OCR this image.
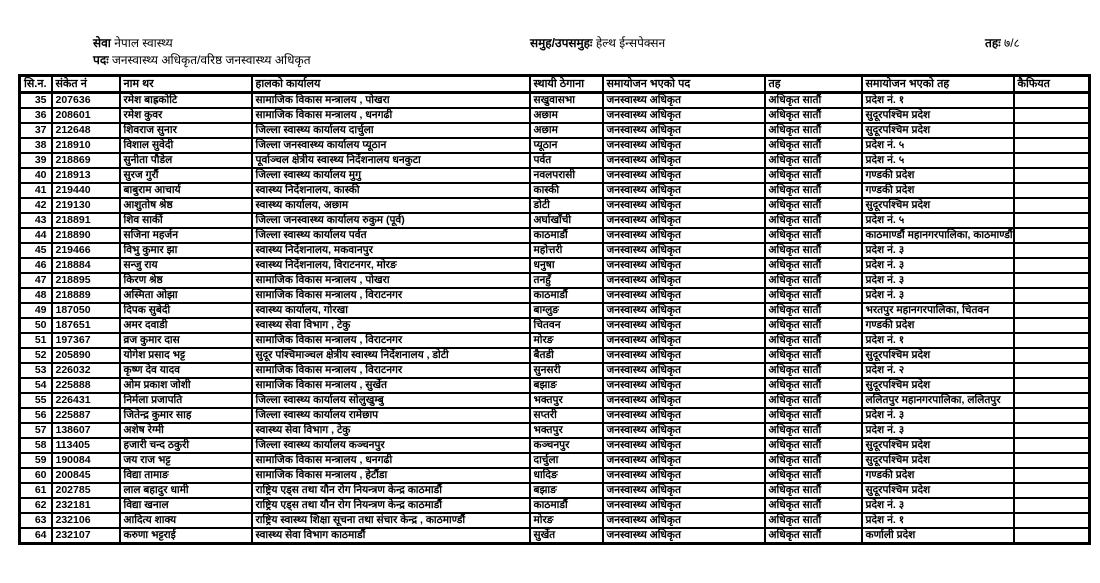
सेवा नेपाल स्वास्थ्य	समुह/उपसमुहः हेल्थ ईन्सपेक्सन	तहः ७/८
पदः जनस्वास्थ्य अधिकृत/वरिष्ठ जनस्वास्थ्य अधिकृत
सि.न.	संकेत नं	नाम थर	हालको कार्यालय	स्थायी ठेगाना	समायोजन भएको पद	तह	समायोजन भएको तह	कैफियत
35	207636	रमेश बाह्रकोटि	सामाजिक विकास मन्त्रालय , पोखरा	सखुवासभा	जनस्वास्थ्य अधिकृत	अधिकृत सातौं	प्रदेश नं. १	
36	208601	रमेश कुवर	सामाजिक विकास मन्त्रालय , धनगढी	अछाम	जनस्वास्थ्य अधिकृत	अधिकृत सातौं	सुदूरपश्चिम प्रदेश	
37	212648	शिवराज सुनार	जिल्ला स्वास्थ्य कार्यालय दार्चुला	अछाम	जनस्वास्थ्य अधिकृत	अधिकृत सातौं	सुदूरपश्चिम प्रदेश	
38	218910	विशाल सुवेदी	जिल्ला जनस्वास्थ्य कार्यालय प्यूठान	प्यूठान	जनस्वास्थ्य अधिकृत	अधिकृत सातौं	प्रदेश नं. ५	
39	218869	सुनीता पौडेल	पूर्वाञ्चल क्षेत्रीय स्वास्थ्य निर्देशनालय धनकुटा	पर्वत	जनस्वास्थ्य अधिकृत	अधिकृत सातौं	प्रदेश नं. ५	
40	218913	सुरज गुरौं	जिल्ला स्वास्थ्य कार्यालय मुगु	नवलपरासी	जनस्वास्थ्य अधिकृत	अधिकृत सातौं	गण्डकी प्रदेश	
41	219440	बाबुराम आचार्य	स्वास्थ्य निर्देशनालय, कास्की	कास्की	जनस्वास्थ्य अधिकृत	अधिकृत सातौं	गण्डकी प्रदेश	
42	219130	आशुतोष श्रेष्ठ	स्वास्थ्य कार्यालय, अछाम	डोटी	जनस्वास्थ्य अधिकृत	अधिकृत सातौं	सुदूरपश्चिम प्रदेश	
43	218891	शिव सार्की	जिल्ला जनस्वास्थ्य कार्यालय रुकुम (पूर्व)	अर्घाखाँची	जनस्वास्थ्य अधिकृत	अधिकृत सातौं	प्रदेश नं. ५	
44	218890	सजिना महर्जन	जिल्ला स्वास्थ्य कार्यालय पर्वत	काठमाडौं	जनस्वास्थ्य अधिकृत	अधिकृत सातौं	काठमाण्डौं महानगरपालिका, काठमाण्डौं	
45	219466	विभु कुमार झा	स्वास्थ्य निर्देशनालय, मकवानपुर	महोत्तरी	जनस्वास्थ्य अधिकृत	अधिकृत सातौं	प्रदेश नं. ३	
46	218884	सन्जु राय	स्वास्थ्य निर्देशनालय, विराटनगर, मोरङ	धनुषा	जनस्वास्थ्य अधिकृत	अधिकृत सातौं	प्रदेश नं. ३	
47	218895	किरण श्रेष्ठ	सामाजिक विकास मन्त्रालय , पोखरा	तनहुँ	जनस्वास्थ्य अधिकृत	अधिकृत सातौं	प्रदेश नं. ३	
48	218889	अस्मिता ओझा	सामाजिक विकास मन्त्रालय , विराटनगर	काठमाडौं	जनस्वास्थ्य अधिकृत	अधिकृत सातौं	प्रदेश नं. ३	
49	187050	दिपक सुबेदी	स्वास्थ्य कार्यालय, गोरखा	बाग्लुङ	जनस्वास्थ्य अधिकृत	अधिकृत सातौं	भरतपुर महानगरपालिका, चितवन	
50	187651	अमर दवाडी	स्वास्थ्य सेवा विभाग , टेकु	चितवन	जनस्वास्थ्य अधिकृत	अधिकृत सातौं	गण्डकी प्रदेश	
51	197367	व्रज कुमार दास	सामाजिक विकास मन्त्रालय , विराटनगर	मोरङ	जनस्वास्थ्य अधिकृत	अधिकृत सातौं	प्रदेश नं. १	
52	205890	योगेश प्रसाद भट्ट	सुदूर पश्चिमाञ्चल क्षेत्रीय स्वास्थ्य निर्देशनालय , डोटी	बैतडी	जनस्वास्थ्य अधिकृत	अधिकृत सातौं	सुदूरपश्चिम प्रदेश	
53	226032	कृष्ण देव यादव	सामाजिक विकास मन्त्रालय , विराटनगर	सुनसरी	जनस्वास्थ्य अधिकृत	अधिकृत सातौं	प्रदेश नं. २	
54	225888	ओम प्रकाश जोशी	सामाजिक विकास मन्त्रालय , सुर्खेत	बझाङ	जनस्वास्थ्य अधिकृत	अधिकृत सातौं	सुदूरपश्चिम प्रदेश	
55	226431	निर्मला प्रजापति	जिल्ला स्वास्थ्य कार्यालय सोलुखुम्बु	भक्तपुर	जनस्वास्थ्य अधिकृत	अधिकृत सातौं	ललितपुर महानगरपालिका, ललितपुर	
56	225887	जितेन्द्र कुमार साह	जिल्ला स्वास्थ्य कार्यालय रामेछाप	सप्तरी	जनस्वास्थ्य अधिकृत	अधिकृत सातौं	प्रदेश नं. ३	
57	138607	अशेष रेग्मी	स्वास्थ्य सेवा विभाग , टेकु	भक्तपुर	जनस्वास्थ्य अधिकृत	अधिकृत सातौं	प्रदेश नं. ३	
58	113405	हजारी चन्द ठकुरी	जिल्ला स्वास्थ्य कार्यालय कञ्चनपुर	कञ्चनपुर	जनस्वास्थ्य अधिकृत	अधिकृत सातौं	सुदूरपश्चिम प्रदेश	
59	190084	जय राज भट्ट	सामाजिक विकास मन्त्रालय , धनगढी	दार्चुला	जनस्वास्थ्य अधिकृत	अधिकृत सातौं	सुदूरपश्चिम प्रदेश	
60	200845	विद्या तामाङ	सामाजिक विकास मन्त्रालय , हेटौंडा	धादिङ	जनस्वास्थ्य अधिकृत	अधिकृत सातौं	गण्डकी प्रदेश	
61	202785	लाल बहादुर धामी	राष्ट्रिय एड्स तथा यौन रोग नियन्त्रण केन्द्र काठमाडौं	बझाङ	जनस्वास्थ्य अधिकृत	अधिकृत सातौं	सुदूरपश्चिम प्रदेश	
62	232181	विद्या खनाल	राष्ट्रिय एड्स तथा यौन रोग नियन्त्रण केन्द्र काठमाडौं	काठमाडौं	जनस्वास्थ्य अधिकृत	अधिकृत सातौं	प्रदेश नं. ३	
63	232106	आदित्य शाक्य	राष्ट्रिय स्वास्थ्य शिक्षा सूचना तथा संचार केन्द्र , काठमाण्डौं	मोरङ	जनस्वास्थ्य अधिकृत	अधिकृत सातौं	प्रदेश नं. १	
64	232107	करुणा भट्टराई	स्वास्थ्य सेवा विभाग काठमाडौं	सुर्खेत	जनस्वास्थ्य अधिकृत	अधिकृत सातौं	कर्णाली प्रदेश	
